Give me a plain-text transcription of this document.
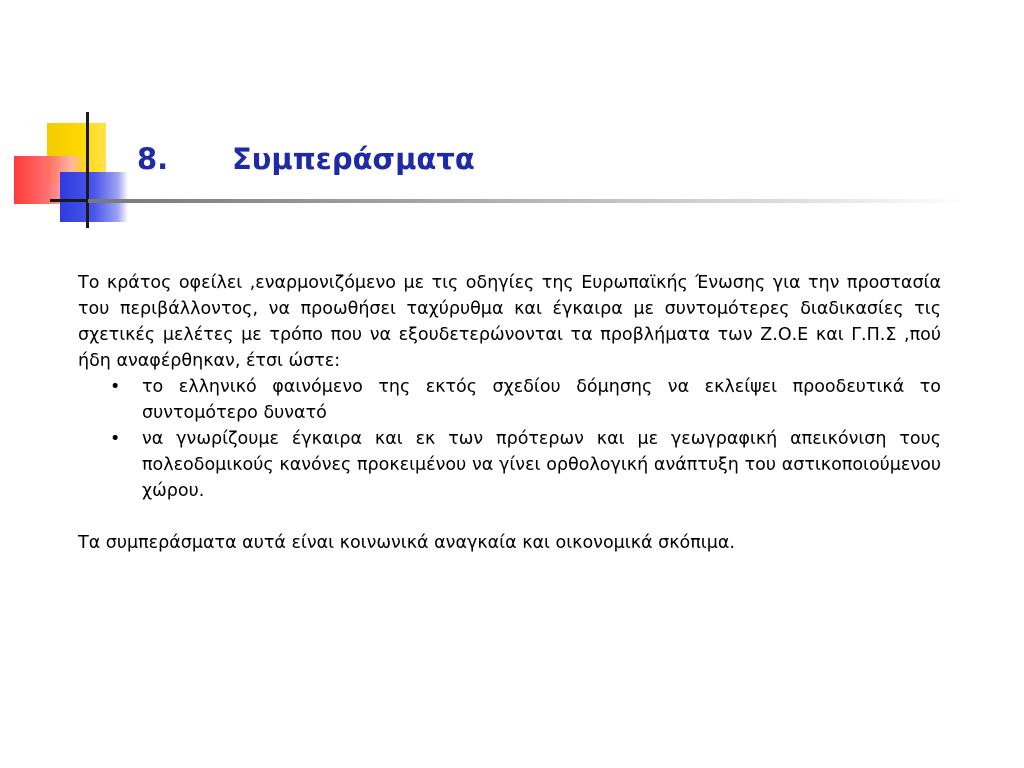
8. Συμπεράσματα

Το κράτος οφείλει ,εναρμονιζόμενο με τις οδηγίες της Ευρωπαϊκής Ένωσης για την προστασία του περιβάλλοντος, να προωθήσει ταχύρυθμα και έγκαιρα με συντομότερες διαδικασίες τις σχετικές μελέτες με τρόπο που να εξουδετερώνονται τα προβλήματα των Ζ.Ο.Ε και Γ.Π.Σ ,πού ήδη αναφέρθηκαν, έτσι ώστε:

• το ελληνικό φαινόμενο της εκτός σχεδίου δόμησης να εκλείψει προοδευτικά το συντομότερο δυνατό
• να γνωρίζουμε έγκαιρα και εκ των πρότερων και με γεωγραφική απεικόνιση τους πολεοδομικούς κανόνες προκειμένου να γίνει ορθολογική ανάπτυξη του αστικοποιούμενου χώρου.

Τα συμπεράσματα αυτά είναι κοινωνικά αναγκαία και οικονομικά σκόπιμα.
